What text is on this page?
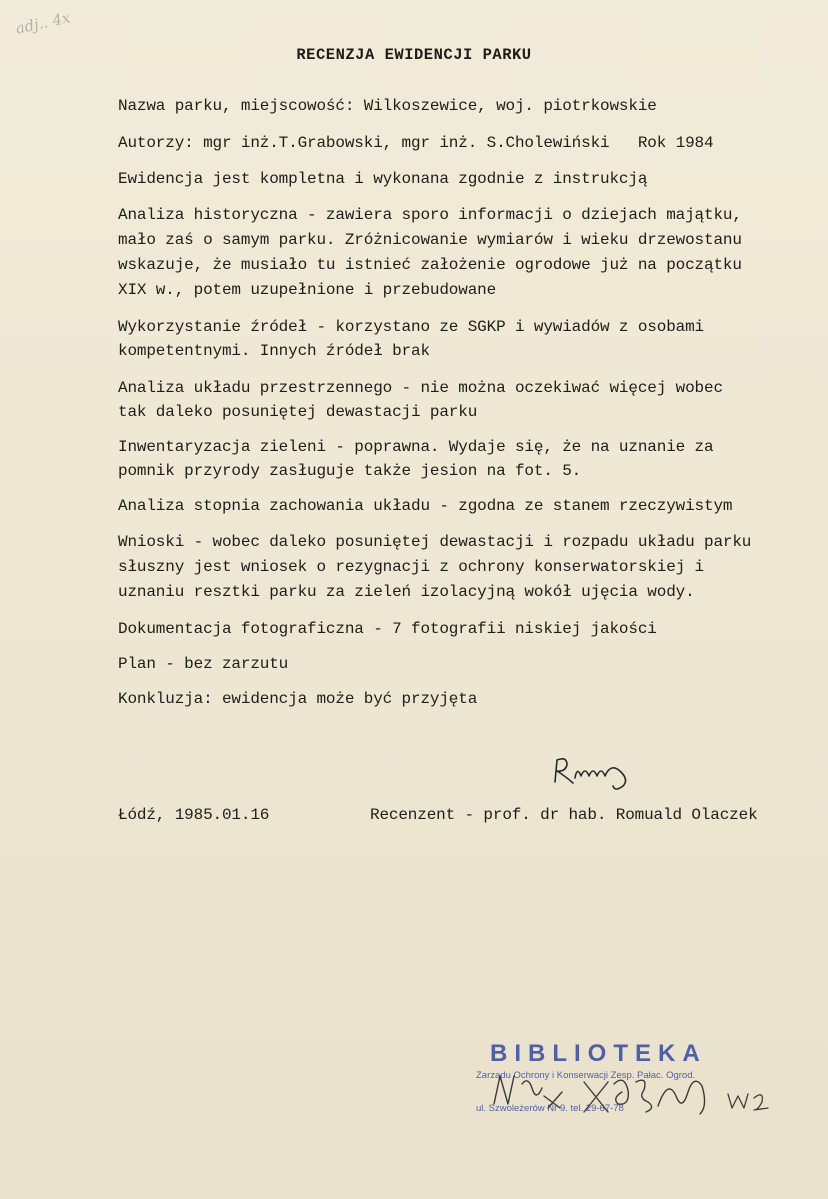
adj.. 4x
RECENZJA EWIDENCJI PARKU
Nazwa parku, miejscowość: Wilkoszewice, woj. piotrkowskie
Autorzy: mgr inż.T.Grabowski, mgr inż. S.Cholewiński   Rok 1984
Ewidencja jest kompletna i wykonana zgodnie z instrukcją
Analiza historyczna - zawiera sporo informacji o dziejach majątku,
mało zaś o samym parku. Zróżnicowanie wymiarów i wieku drzewostanu
wskazuje, że musiało tu istnieć założenie ogrodowe już na początku
XIX w., potem uzupełnione i przebudowane
Wykorzystanie źródeł - korzystano ze SGKP i wywiadów z osobami
kompetentnymi. Innych źródeł brak
Analiza układu przestrzennego - nie można oczekiwać więcej wobec
tak daleko posuniętej dewastacji parku
Inwentaryzacja zieleni - poprawna. Wydaje się, że na uznanie za
pomnik przyrody zasługuje także jesion na fot. 5.
Analiza stopnia zachowania układu - zgodna ze stanem rzeczywistym
Wnioski - wobec daleko posuniętej dewastacji i rozpadu układu parku
słuszny jest wniosek o rezygnacji z ochrony konserwatorskiej i
uznaniu resztki parku za zieleń izolacyjną wokół ujęcia wody.
Dokumentacja fotograficzna - 7 fotografii niskiej jakości
Plan - bez zarzutu
Konkluzja: ewidencja może być przyjęta
Łódź, 1985.01.16	Recenzent - prof. dr hab. Romuald Olaczek
BIBLIOTEKA
Zarządu Ochrony i Konserwacji Zesp. Pałac. Ogrod.
ul. Szwoleżerów Nr 9. tel. 29-67-78
